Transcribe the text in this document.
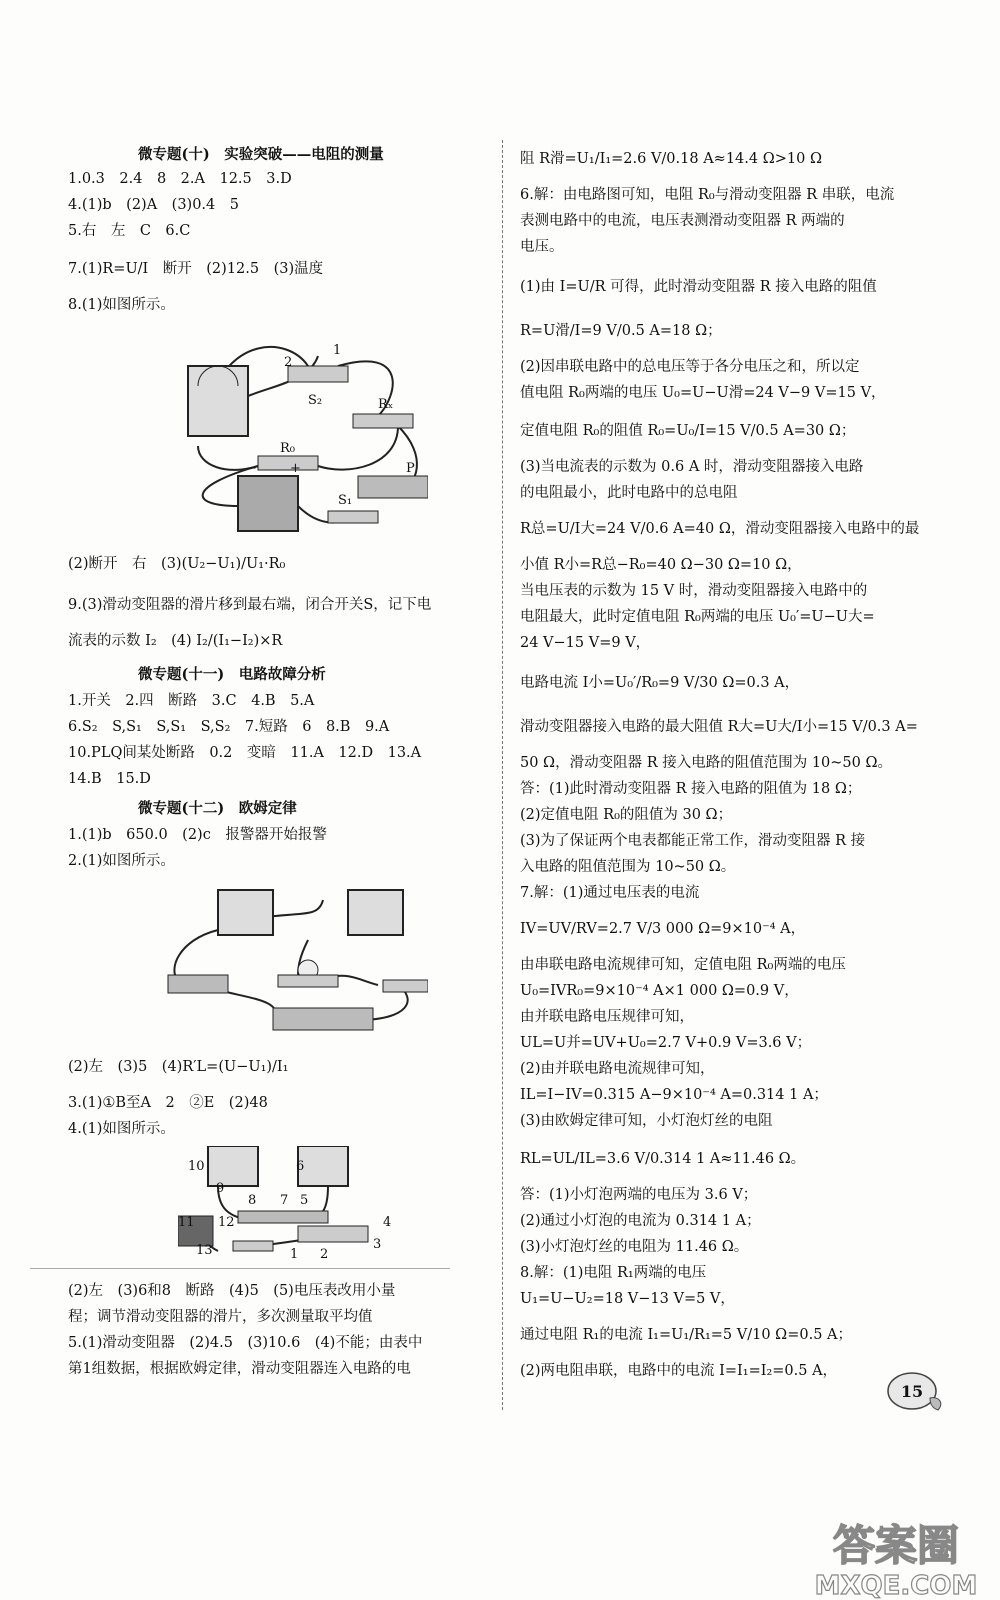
微专题(十)　实验突破——电阻的测量
1.0.3　2.4　8　2.A　12.5　3.D
4.(1)b　(2)A　(3)0.4　5
5.右　左　C　6.C
7.(1)R=U/I　断开　(2)12.5　(3)温度
8.(1)如图所示。
2
1
S₂	Rₓ
R₀
P
−	+
S₁
(2)断开　右　(3)(U₂−U₁)/U₁·R₀
9.(3)滑动变阻器的滑片移到最右端，闭合开关S，记下电
流表的示数 I₂　(4) I₂/(I₁−I₂)×R
微专题(十一)　电路故障分析
1.开关　2.四　断路　3.C　4.B　5.A
6.S₂　S,S₁　S,S₁　S,S₂　7.短路　6　8.B　9.A
10.PLQ间某处断路　0.2　变暗　11.A　12.D　13.A
14.B　15.D
微专题(十二)　欧姆定律
1.(1)b　650.0　(2)c　报警器开始报警
2.(1)如图所示。
(2)左　(3)5　(4)R′L=(U−U₁)/I₁
3.(1)①B至A　2　②E　(2)48
4.(1)如图所示。
10
9
8 7
6
5
4
3
2
1
11 12
13
(2)左　(3)6和8　断路　(4)5　(5)电压表改用小量
程；调节滑动变阻器的滑片，多次测量取平均值
5.(1)滑动变阻器　(2)4.5　(3)10.6　(4)不能；由表中
第1组数据，根据欧姆定律，滑动变阻器连入电路的电
阻 R滑=U₁/I₁=2.6 V/0.18 A≈14.4 Ω>10 Ω
6.解：由电路图可知，电阻 R₀与滑动变阻器 R 串联，电流
表测电路中的电流，电压表测滑动变阻器 R 两端的
电压。
(1)由 I=U/R 可得，此时滑动变阻器 R 接入电路的阻值
R=U滑/I=9 V/0.5 A=18 Ω；
(2)因串联电路中的总电压等于各分电压之和，所以定
值电阻 R₀两端的电压 U₀=U−U滑=24 V−9 V=15 V，
定值电阻 R₀的阻值 R₀=U₀/I=15 V/0.5 A=30 Ω；
(3)当电流表的示数为 0.6 A 时，滑动变阻器接入电路
的电阻最小，此时电路中的总电阻
R总=U/I大=24 V/0.6 A=40 Ω，滑动变阻器接入电路中的最
小值 R小=R总−R₀=40 Ω−30 Ω=10 Ω，
当电压表的示数为 15 V 时，滑动变阻器接入电路中的
电阻最大，此时定值电阻 R₀两端的电压 U₀′=U−U大=
24 V−15 V=9 V，
电路电流 I小=U₀′/R₀=9 V/30 Ω=0.3 A，
滑动变阻器接入电路的最大阻值 R大=U大/I小=15 V/0.3 A=
50 Ω，滑动变阻器 R 接入电路的阻值范围为 10~50 Ω。
答：(1)此时滑动变阻器 R 接入电路的阻值为 18 Ω；
(2)定值电阻 R₀的阻值为 30 Ω；
(3)为了保证两个电表都能正常工作，滑动变阻器 R 接
入电路的阻值范围为 10~50 Ω。
7.解：(1)通过电压表的电流
IV=UV/RV=2.7 V/3 000 Ω=9×10⁻⁴ A，
由串联电路电流规律可知，定值电阻 R₀两端的电压
U₀=IVR₀=9×10⁻⁴ A×1 000 Ω=0.9 V，
由并联电路电压规律可知，
UL=U并=UV+U₀=2.7 V+0.9 V=3.6 V；
(2)由并联电路电流规律可知，
IL=I−IV=0.315 A−9×10⁻⁴ A=0.314 1 A；
(3)由欧姆定律可知，小灯泡灯丝的电阻
RL=UL/IL=3.6 V/0.314 1 A≈11.46 Ω。
答：(1)小灯泡两端的电压为 3.6 V；
(2)通过小灯泡的电流为 0.314 1 A；
(3)小灯泡灯丝的电阻为 11.46 Ω。
8.解：(1)电阻 R₁两端的电压
U₁=U−U₂=18 V−13 V=5 V，
通过电阻 R₁的电流 I₁=U₁/R₁=5 V/10 Ω=0.5 A；
(2)两电阻串联，电路中的电流 I=I₁=I₂=0.5 A，
15
答案圈
MXQE.COM
